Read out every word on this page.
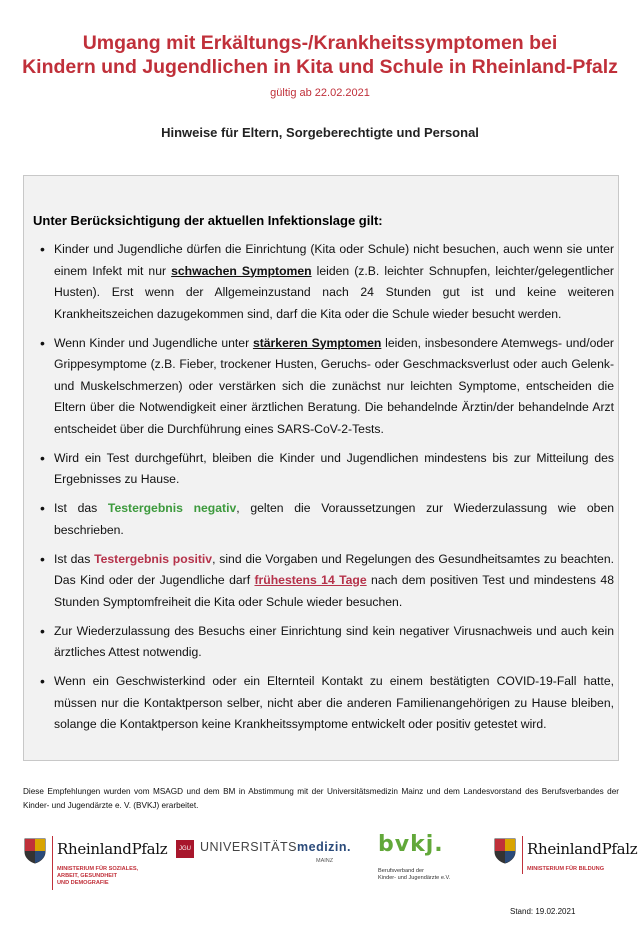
Umgang mit Erkältungs-/Krankheitssymptomen bei
Kindern und Jugendlichen in Kita und Schule in Rheinland-Pfalz
gültig ab 22.02.2021
Hinweise für Eltern, Sorgeberechtigte und Personal
Unter Berücksichtigung der aktuellen Infektionslage gilt:
• Kinder und Jugendliche dürfen die Einrichtung (Kita oder Schule) nicht besuchen, auch wenn sie unter einem Infekt mit nur schwachen Symptomen leiden (z.B. leichter Schnupfen, leichter/gelegentlicher Husten). Erst wenn der Allgemeinzustand nach 24 Stunden gut ist und keine weiteren Krankheitszeichen dazugekommen sind, darf die Kita oder die Schule wieder besucht werden.
• Wenn Kinder und Jugendliche unter stärkeren Symptomen leiden, insbesondere Atemwegs- und/oder Grippesymptome (z.B. Fieber, trockener Husten, Geruchs- oder Geschmacksverlust oder auch Gelenk- und Muskelschmerzen) oder verstärken sich die zunächst nur leichten Symptome, entscheiden die Eltern über die Notwendigkeit einer ärztlichen Beratung. Die behandelnde Ärztin/der behandelnde Arzt entscheidet über die Durchführung eines SARS-CoV-2-Tests.
• Wird ein Test durchgeführt, bleiben die Kinder und Jugendlichen mindestens bis zur Mitteilung des Ergebnisses zu Hause.
• Ist das Testergebnis negativ, gelten die Voraussetzungen zur Wiederzulassung wie oben beschrieben.
• Ist das Testergebnis positiv, sind die Vorgaben und Regelungen des Gesundheitsamtes zu beachten. Das Kind oder der Jugendliche darf frühestens 14 Tage nach dem positiven Test und mindestens 48 Stunden Symptomfreiheit die Kita oder Schule wieder besuchen.
• Zur Wiederzulassung des Besuchs einer Einrichtung sind kein negativer Virusnachweis und auch kein ärztliches Attest notwendig.
• Wenn ein Geschwisterkind oder ein Elternteil Kontakt zu einem bestätigten COVID-19-Fall hatte, müssen nur die Kontaktperson selber, nicht aber die anderen Familienangehörigen zu Hause bleiben, solange die Kontaktperson keine Krankheitssymptome entwickelt oder positiv getestet wird.
Diese Empfehlungen wurden vom MSAGD und dem BM in Abstimmung mit der Universitätsmedizin Mainz und dem Landesvorstand des Berufsverbandes der Kinder- und Jugendärzte e. V. (BVKJ) erarbeitet.
RheinlandPfalz
MINISTERIUM FÜR SOZIALES,
ARBEIT, GESUNDHEIT
UND DEMOGRAFIE
JGU UNIVERSITÄTSmedizin.
MAINZ
bvkj.
Berufsverband der
Kinder- und Jugendärzte e.V.
RheinlandPfalz
MINISTERIUM FÜR BILDUNG
Stand: 19.02.2021
